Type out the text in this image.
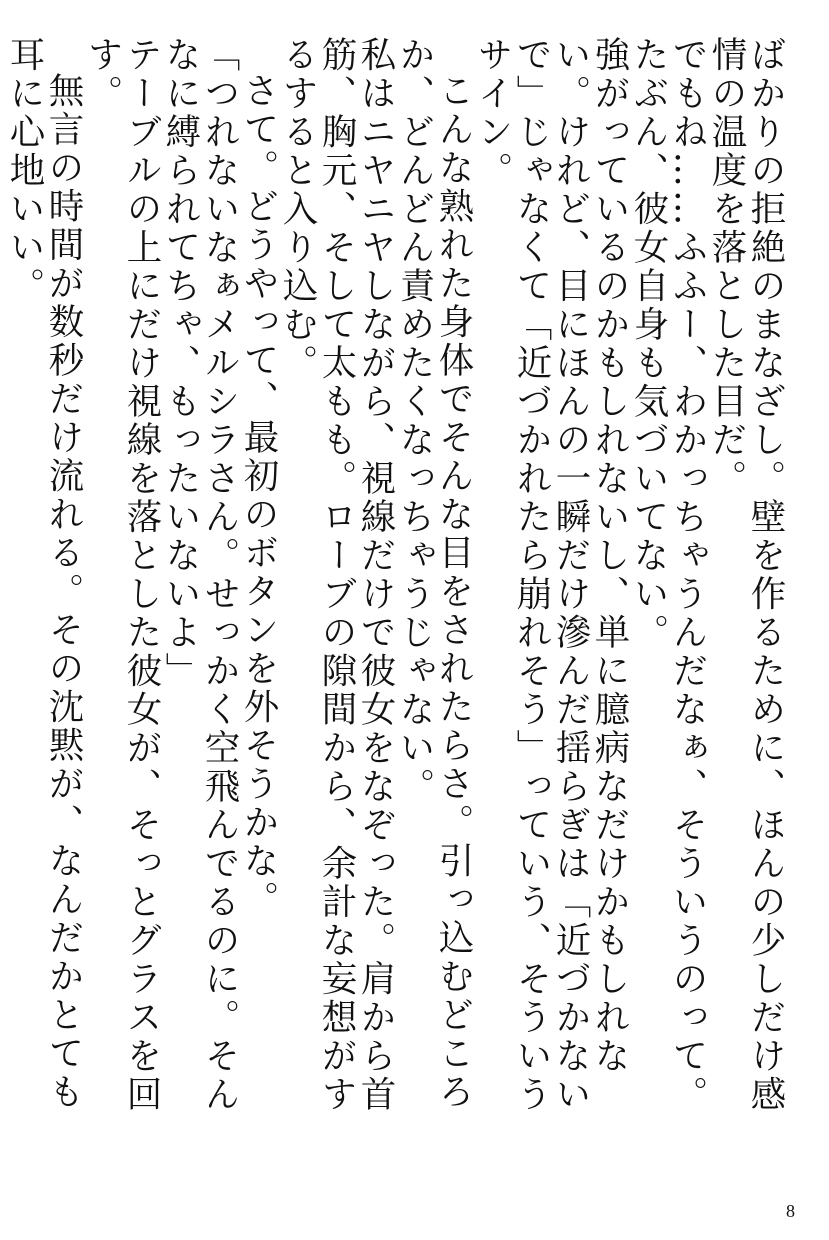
ばかりの拒絶のまなざし。壁を作るために、ほんの少しだけ感情の温度を落とした目だ。

でもね……ふふー、わかっちゃうんだなぁ、そういうのって。

たぶん、彼女自身も気づいてない。

強がっているのかもしれないし、単に臆病なだけかもしれない。けれど、目にほんの一瞬だけ滲んだ揺らぎは「近づかないで」じゃなくて「近づかれたら崩れそう」っていう、そういうサイン。

こんな熟れた身体でそんな目をされたらさ。引っ込むどころか、どんどん責めたくなっちゃうじゃない。

私はニヤニヤしながら、視線だけで彼女をなぞった。肩から首筋、胸元、そして太もも。ローブの隙間から、余計な妄想がするすると入り込む。

さて。どうやって、最初のボタンを外そうかな。

「つれないなぁメルシラさん。せっかく空飛んでるのに。そんなに縛られてちゃ、もったいないよ」

テーブルの上にだけ視線を落とした彼女が、そっとグラスを回す。

無言の時間が数秒だけ流れる。その沈黙が、なんだかとても耳に心地いい。

8
